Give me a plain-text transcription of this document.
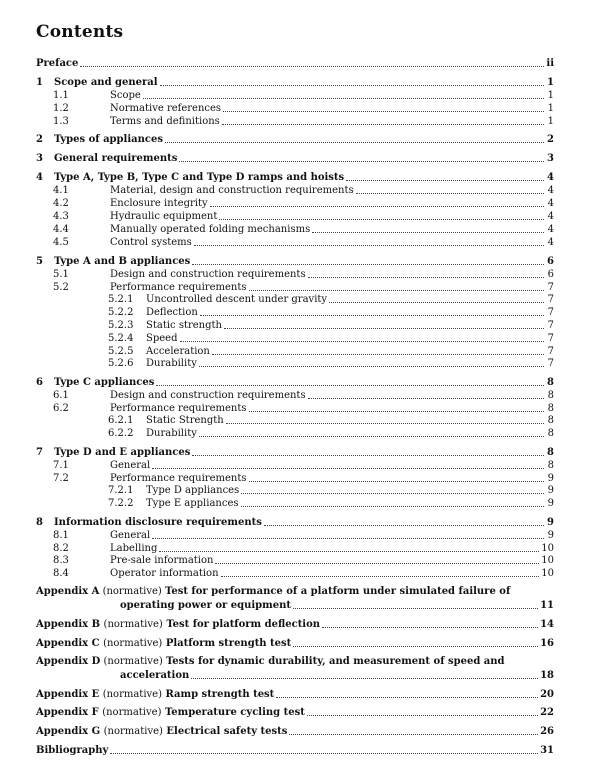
Contents
Preface	ii
1 Scope and general	1
1.1	Scope	1
1.2	Normative references	1
1.3	Terms and definitions	1
2 Types of appliances	2
3 General requirements	3
4 Type A, Type B, Type C and Type D ramps and hoists	4
4.1	Material, design and construction requirements	4
4.2	Enclosure integrity	4
4.3	Hydraulic equipment	4
4.4	Manually operated folding mechanisms	4
4.5	Control systems	4
5 Type A and B appliances	6
5.1	Design and construction requirements	6
5.2	Performance requirements	7
5.2.1 Uncontrolled descent under gravity	7
5.2.2 Deflection	7
5.2.3 Static strength	7
5.2.4 Speed	7
5.2.5 Acceleration	7
5.2.6 Durability	7
6 Type C appliances	8
6.1	Design and construction requirements	8
6.2	Performance requirements	8
6.2.1 Static Strength	8
6.2.2 Durability	8
7 Type D and E appliances	8
7.1	General	8
7.2	Performance requirements	9
7.2.1 Type D appliances	9
7.2.2 Type E appliances	9
8 Information disclosure requirements	9
8.1	General	9
8.2	Labelling	10
8.3	Pre-sale information	10
8.4	Operator information	10
Appendix A (normative) Test for performance of a platform under simulated failure of
operating power or equipment	11
Appendix B (normative) Test for platform deflection	14
Appendix C (normative) Platform strength test	16
Appendix D (normative) Tests for dynamic durability, and measurement of speed and
acceleration	18
Appendix E (normative) Ramp strength test	20
Appendix F (normative) Temperature cycling test	22
Appendix G (normative) Electrical safety tests	26
Bibliography	31
